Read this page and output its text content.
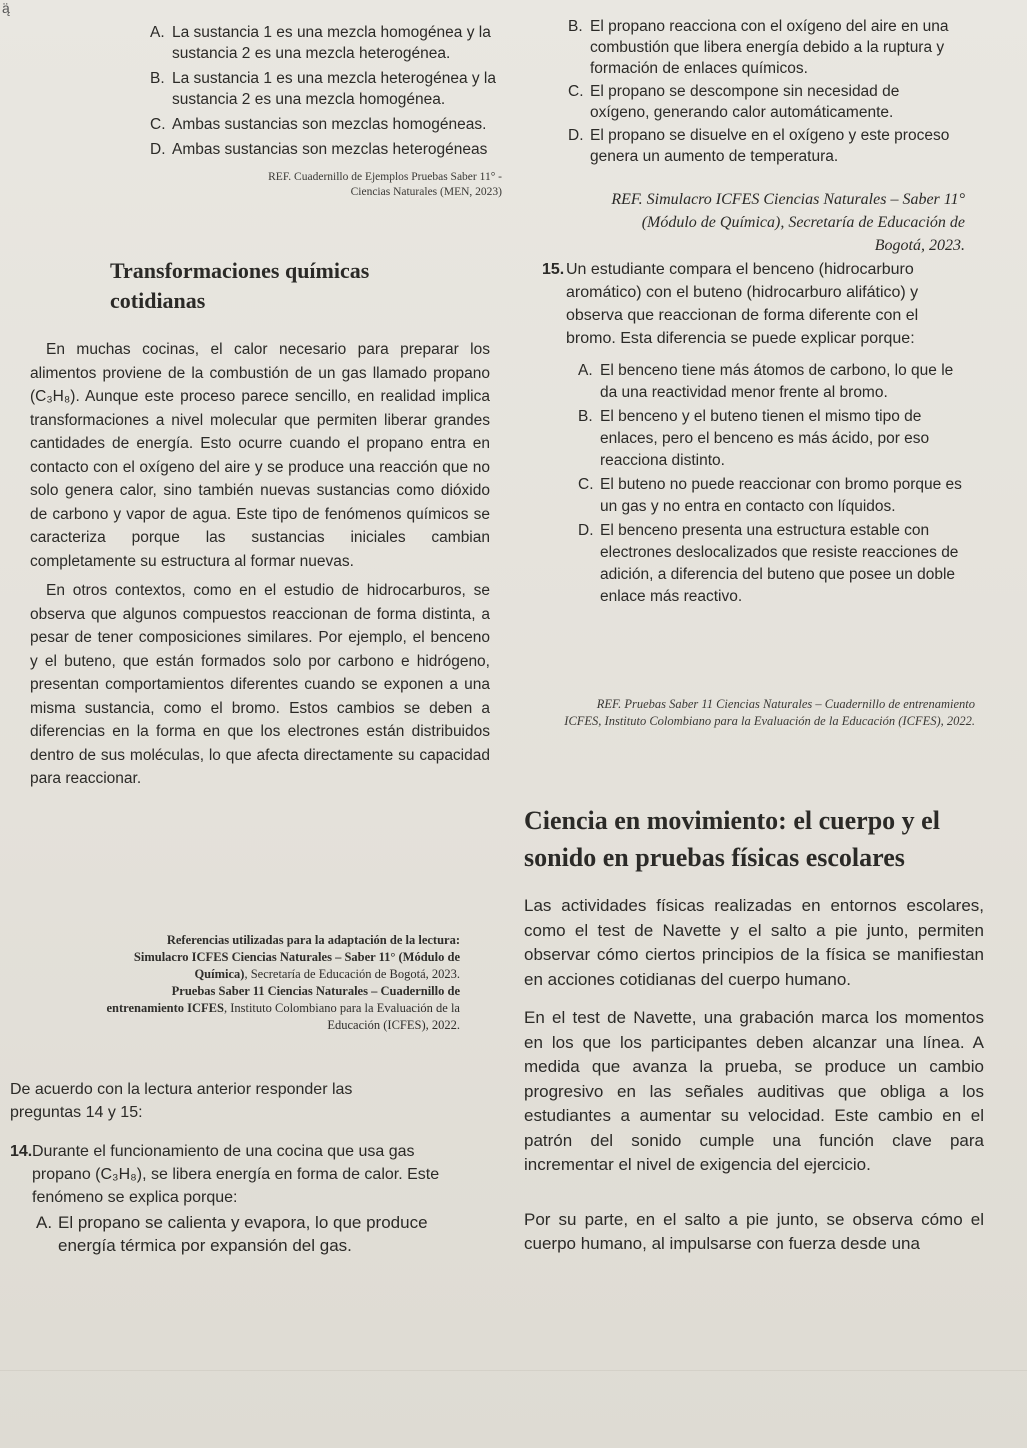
ą̈
A. La sustancia 1 es una mezcla homogénea y la sustancia 2 es una mezcla heterogénea.
B. La sustancia 1 es una mezcla heterogénea y la sustancia 2 es una mezcla homogénea.
C. Ambas sustancias son mezclas homogéneas.
D. Ambas sustancias son mezclas heterogéneas
REF. Cuadernillo de Ejemplos Pruebas Saber 11° - Ciencias Naturales (MEN, 2023)
B. El propano reacciona con el oxígeno del aire en una combustión que libera energía debido a la ruptura y formación de enlaces químicos.
C. El propano se descompone sin necesidad de oxígeno, generando calor automáticamente.
D. El propano se disuelve en el oxígeno y este proceso genera un aumento de temperatura.
REF. Simulacro ICFES Ciencias Naturales – Saber 11° (Módulo de Química), Secretaría de Educación de Bogotá, 2023.
Transformaciones químicas cotidianas

En muchas cocinas, el calor necesario para preparar los alimentos proviene de la combustión de un gas llamado propano (C₃H₈). Aunque este proceso parece sencillo, en realidad implica transformaciones a nivel molecular que permiten liberar grandes cantidades de energía. Esto ocurre cuando el propano entra en contacto con el oxígeno del aire y se produce una reacción que no solo genera calor, sino también nuevas sustancias como dióxido de carbono y vapor de agua. Este tipo de fenómenos químicos se caracteriza porque las sustancias iniciales cambian completamente su estructura al formar nuevas.

En otros contextos, como en el estudio de hidrocarburos, se observa que algunos compuestos reaccionan de forma distinta, a pesar de tener composiciones similares. Por ejemplo, el benceno y el buteno, que están formados solo por carbono e hidrógeno, presentan comportamientos diferentes cuando se exponen a una misma sustancia, como el bromo. Estos cambios se deben a diferencias en la forma en que los electrones están distribuidos dentro de sus moléculas, lo que afecta directamente su capacidad para reaccionar.

Referencias utilizadas para la adaptación de la lectura:
Simulacro ICFES Ciencias Naturales – Saber 11° (Módulo de Química), Secretaría de Educación de Bogotá, 2023.
Pruebas Saber 11 Ciencias Naturales – Cuadernillo de entrenamiento ICFES, Instituto Colombiano para la Evaluación de la Educación (ICFES), 2022.

De acuerdo con la lectura anterior responder las preguntas 14 y 15:

14.Durante el funcionamiento de una cocina que usa gas propano (C₃H₈), se libera energía en forma de calor. Este fenómeno se explica porque:

A. El propano se calienta y evapora, lo que produce energía térmica por expansión del gas.

15. Un estudiante compara el benceno (hidrocarburo aromático) con el buteno (hidrocarburo alifático) y observa que reaccionan de forma diferente con el bromo. Esta diferencia se puede explicar porque:

A. El benceno tiene más átomos de carbono, lo que le da una reactividad menor frente al bromo.
B. El benceno y el buteno tienen el mismo tipo de enlaces, pero el benceno es más ácido, por eso reacciona distinto.
C. El buteno no puede reaccionar con bromo porque es un gas y no entra en contacto con líquidos.
D. El benceno presenta una estructura estable con electrones deslocalizados que resiste reacciones de adición, a diferencia del buteno que posee un doble enlace más reactivo.
REF. Pruebas Saber 11 Ciencias Naturales – Cuadernillo de entrenamiento ICFES, Instituto Colombiano para la Evaluación de la Educación (ICFES), 2022.
Ciencia en movimiento: el cuerpo y el sonido en pruebas físicas escolares

Las actividades físicas realizadas en entornos escolares, como el test de Navette y el salto a pie junto, permiten observar cómo ciertos principios de la física se manifiestan en acciones cotidianas del cuerpo humano.

En el test de Navette, una grabación marca los momentos en los que los participantes deben alcanzar una línea. A medida que avanza la prueba, se produce un cambio progresivo en las señales auditivas que obliga a los estudiantes a aumentar su velocidad. Este cambio en el patrón del sonido cumple una función clave para incrementar el nivel de exigencia del ejercicio.

Por su parte, en el salto a pie junto, se observa cómo el cuerpo humano, al impulsarse con fuerza desde una
